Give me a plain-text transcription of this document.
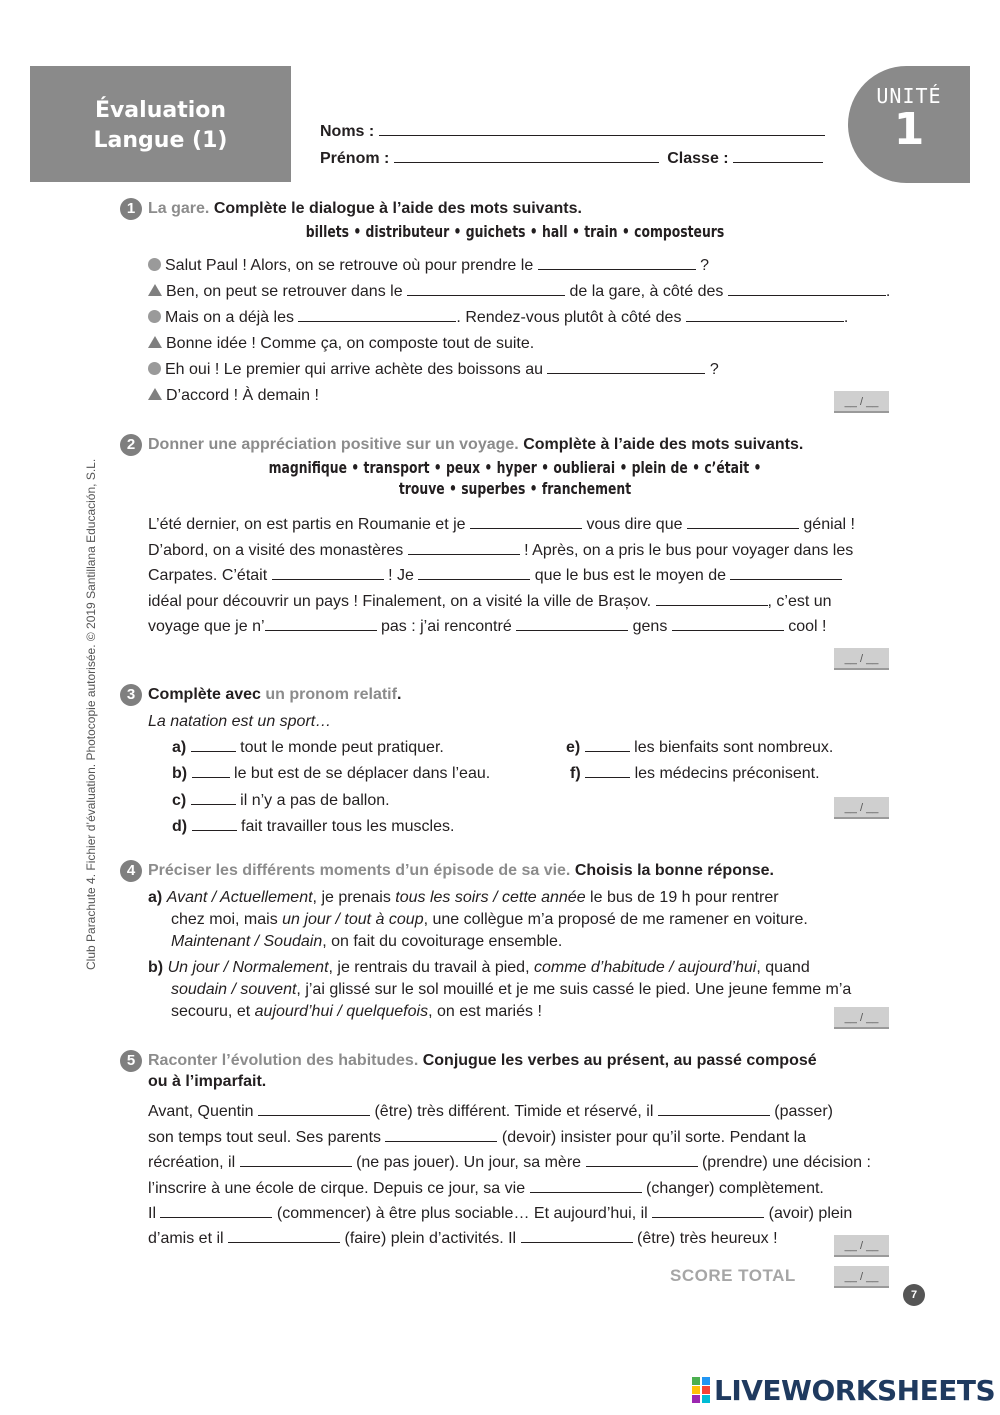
Évaluation
Langue (1)	Noms :
Prénom :	Classe :
UNITÉ
1
Club Parachute 4. Fichier d’évaluation. Photocopie autorisée. © 2019 Santillana Educación, S.L.
1 La gare. Complète le dialogue à l’aide des mots suivants.
billets • distributeur • guichets • hall • train • composteurs
Salut Paul ! Alors, on se retrouve où pour prendre le	?
Ben, on peut se retrouver dans le	de la gare, à côté des	.
Mais on a déjà les	. Rendez-vous plutôt à côté des	.
Bonne idée ! Comme ça, on composte tout de suite.
Eh oui ! Le premier qui arrive achète des boissons au	?
D’accord ! À demain !	__ / __
2 Donner une appréciation positive sur un voyage. Complète à l’aide des mots suivants.
magnifique • transport • peux • hyper • oublierai • plein de • c’était •
trouve • superbes • franchement
L’été dernier, on est partis en Roumanie et je	vous dire que	génial !
D’abord, on a visité des monastères	! Après, on a pris le bus pour voyager dans les
Carpates. C’était	! Je	que le bus est le moyen de
idéal pour découvrir un pays ! Finalement, on a visité la ville de Brașov.	, c’est un
voyage que je n’	pas : j’ai rencontré	gens	cool !
__ / __
3 Complète avec un pronom relatif.
La natation est un sport…
a)	tout le monde peut pratiquer.
b)	le but est de se déplacer dans l’eau.
c)	il n’y a pas de ballon.
d)	fait travailler tous les muscles.
e)	les bienfaits sont nombreux.
f)	les médecins préconisent.
__ / __
4 Préciser les différents moments d’un épisode de sa vie. Choisis la bonne réponse.
a) Avant / Actuellement, je prenais tous les soirs / cette année le bus de 19 h pour rentrer
chez moi, mais un jour / tout à coup, une collègue m’a proposé de me ramener en voiture.
Maintenant / Soudain, on fait du covoiturage ensemble.
b) Un jour / Normalement, je rentrais du travail à pied, comme d’habitude / aujourd’hui, quand
soudain / souvent, j’ai glissé sur le sol mouillé et je me suis cassé le pied. Une jeune femme m’a
secouru, et aujourd’hui / quelquefois, on est mariés !	__ / __
5 Raconter l’évolution des habitudes. Conjugue les verbes au présent, au passé composé
ou à l’imparfait.
Avant, Quentin	(être) très différent. Timide et réservé, il	(passer)
son temps tout seul. Ses parents	(devoir) insister pour qu’il sorte. Pendant la
récréation, il	(ne pas jouer). Un jour, sa mère	(prendre) une décision :
l’inscrire à une école de cirque. Depuis ce jour, sa vie	(changer) complètement.
Il	(commencer) à être plus sociable… Et aujourd’hui, il	(avoir) plein
d’amis et il	(faire) plein d’activités. Il	(être) très heureux !	__ / __
SCORE TOTAL	__ / __
7
LIVEWORKSHEETS
